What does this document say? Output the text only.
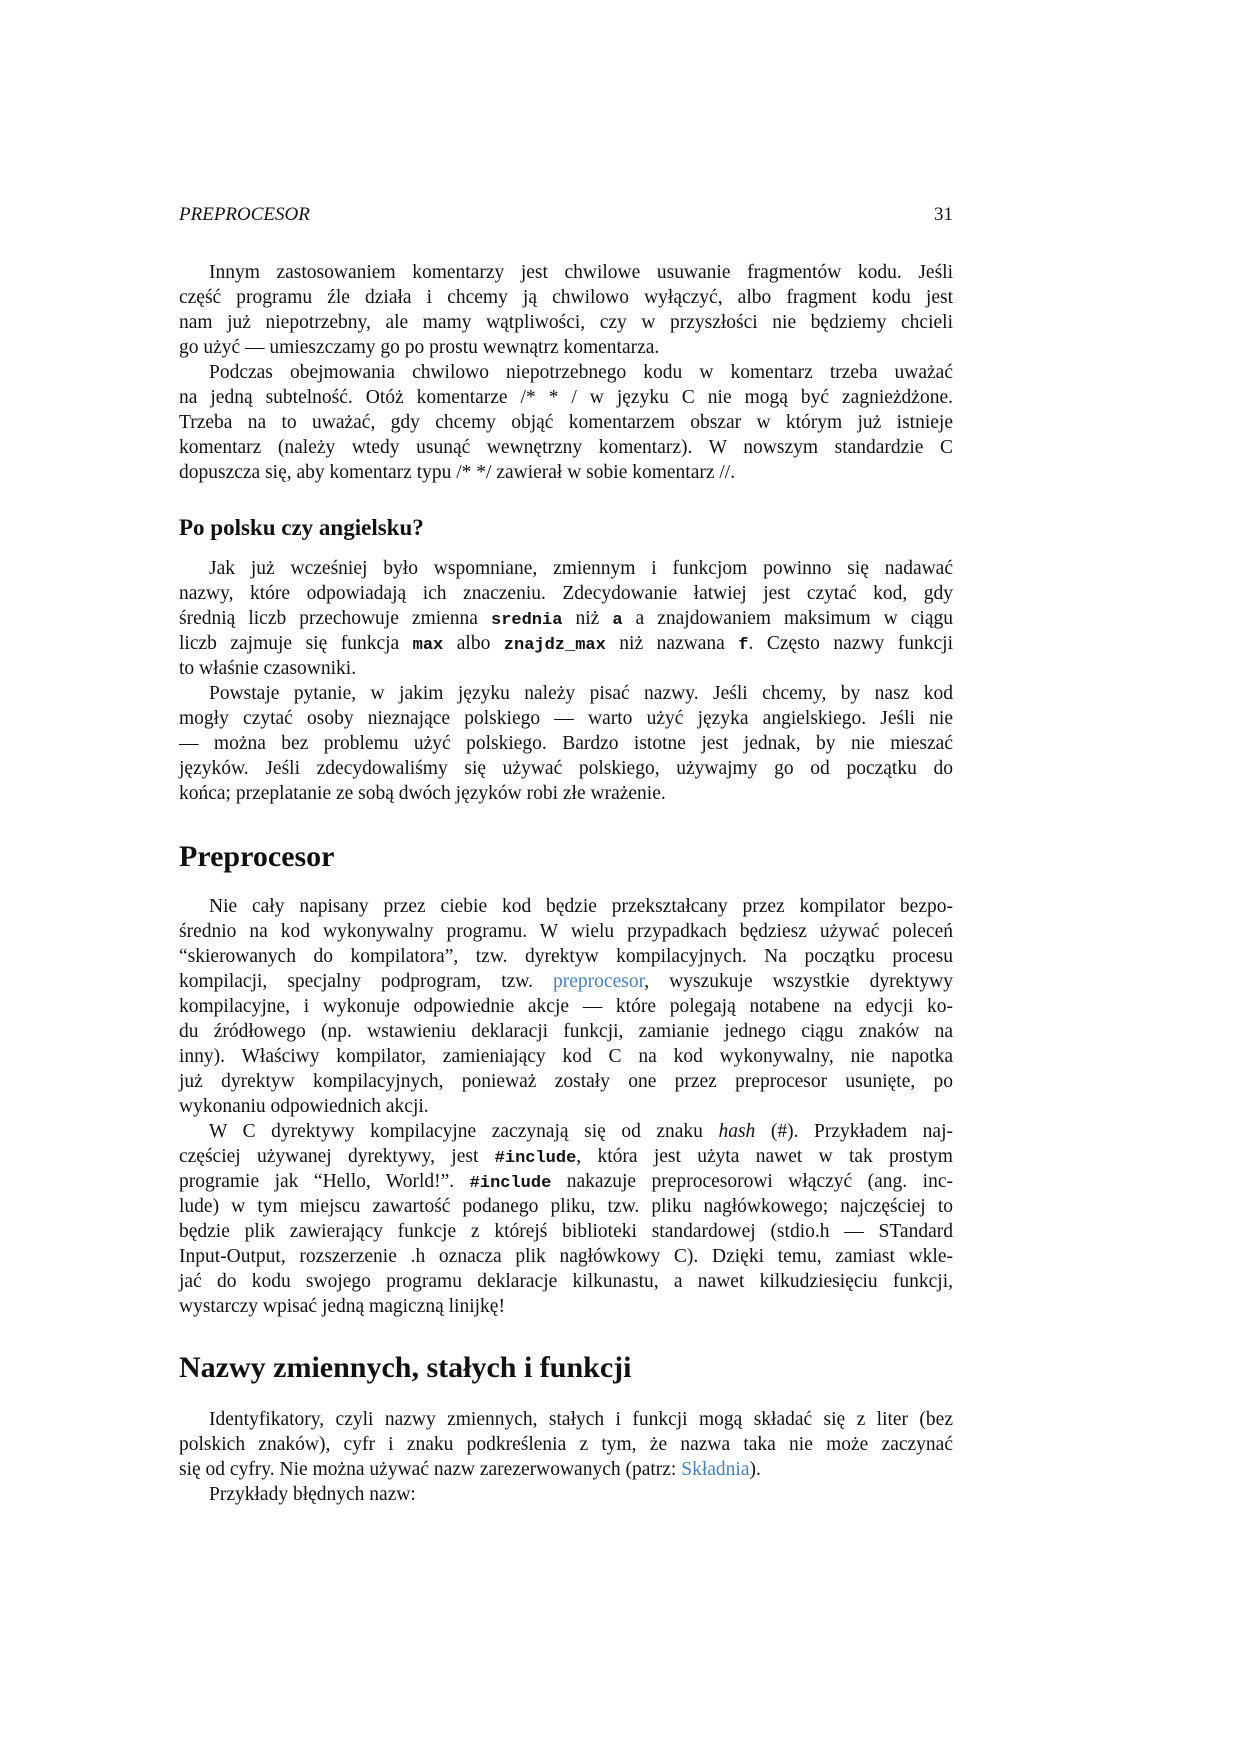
PREPROCESOR	31
Innym zastosowaniem komentarzy jest chwilowe usuwanie fragmentów kodu. Jeśli
część programu źle działa i chcemy ją chwilowo wyłączyć, albo fragment kodu jest
nam już niepotrzebny, ale mamy wątpliwości, czy w przyszłości nie będziemy chcieli
go użyć — umieszczamy go po prostu wewnątrz komentarza.
Podczas obejmowania chwilowo niepotrzebnego kodu w komentarz trzeba uważać
na jedną subtelność. Otóż komentarze /* * / w języku C nie mogą być zagnieżdżone.
Trzeba na to uważać, gdy chcemy objąć komentarzem obszar w którym już istnieje
komentarz (należy wtedy usunąć wewnętrzny komentarz). W nowszym standardzie C
dopuszcza się, aby komentarz typu /* */ zawierał w sobie komentarz //.
Po polsku czy angielsku?
Jak już wcześniej było wspomniane, zmiennym i funkcjom powinno się nadawać
nazwy, które odpowiadają ich znaczeniu. Zdecydowanie łatwiej jest czytać kod, gdy
średnią liczb przechowuje zmienna srednia niż a a znajdowaniem maksimum w ciągu
liczb zajmuje się funkcja max albo znajdz_max niż nazwana f. Często nazwy funkcji
to właśnie czasowniki.
Powstaje pytanie, w jakim języku należy pisać nazwy. Jeśli chcemy, by nasz kod
mogły czytać osoby nieznające polskiego — warto użyć języka angielskiego. Jeśli nie
— można bez problemu użyć polskiego. Bardzo istotne jest jednak, by nie mieszać
języków. Jeśli zdecydowaliśmy się używać polskiego, używajmy go od początku do
końca; przeplatanie ze sobą dwóch języków robi złe wrażenie.
Preprocesor
Nie cały napisany przez ciebie kod będzie przekształcany przez kompilator bezpo-
średnio na kod wykonywalny programu. W wielu przypadkach będziesz używać poleceń
“skierowanych do kompilatora”, tzw. dyrektyw kompilacyjnych. Na początku procesu
kompilacji, specjalny podprogram, tzw. preprocesor, wyszukuje wszystkie dyrektywy
kompilacyjne, i wykonuje odpowiednie akcje — które polegają notabene na edycji ko-
du źródłowego (np. wstawieniu deklaracji funkcji, zamianie jednego ciągu znaków na
inny). Właściwy kompilator, zamieniający kod C na kod wykonywalny, nie napotka
już dyrektyw kompilacyjnych, ponieważ zostały one przez preprocesor usunięte, po
wykonaniu odpowiednich akcji.
W C dyrektywy kompilacyjne zaczynają się od znaku hash (#). Przykładem naj-
częściej używanej dyrektywy, jest #include, która jest użyta nawet w tak prostym
programie jak “Hello, World!”. #include nakazuje preprocesorowi włączyć (ang. inc-
lude) w tym miejscu zawartość podanego pliku, tzw. pliku nagłówkowego; najczęściej to
będzie plik zawierający funkcje z którejś biblioteki standardowej (stdio.h — STandard
Input-Output, rozszerzenie .h oznacza plik nagłówkowy C). Dzięki temu, zamiast wkle-
jać do kodu swojego programu deklaracje kilkunastu, a nawet kilkudziesięciu funkcji,
wystarczy wpisać jedną magiczną linijkę!
Nazwy zmiennych, stałych i funkcji
Identyfikatory, czyli nazwy zmiennych, stałych i funkcji mogą składać się z liter (bez
polskich znaków), cyfr i znaku podkreślenia z tym, że nazwa taka nie może zaczynać
się od cyfry. Nie można używać nazw zarezerwowanych (patrz: Składnia).
Przykłady błędnych nazw:
